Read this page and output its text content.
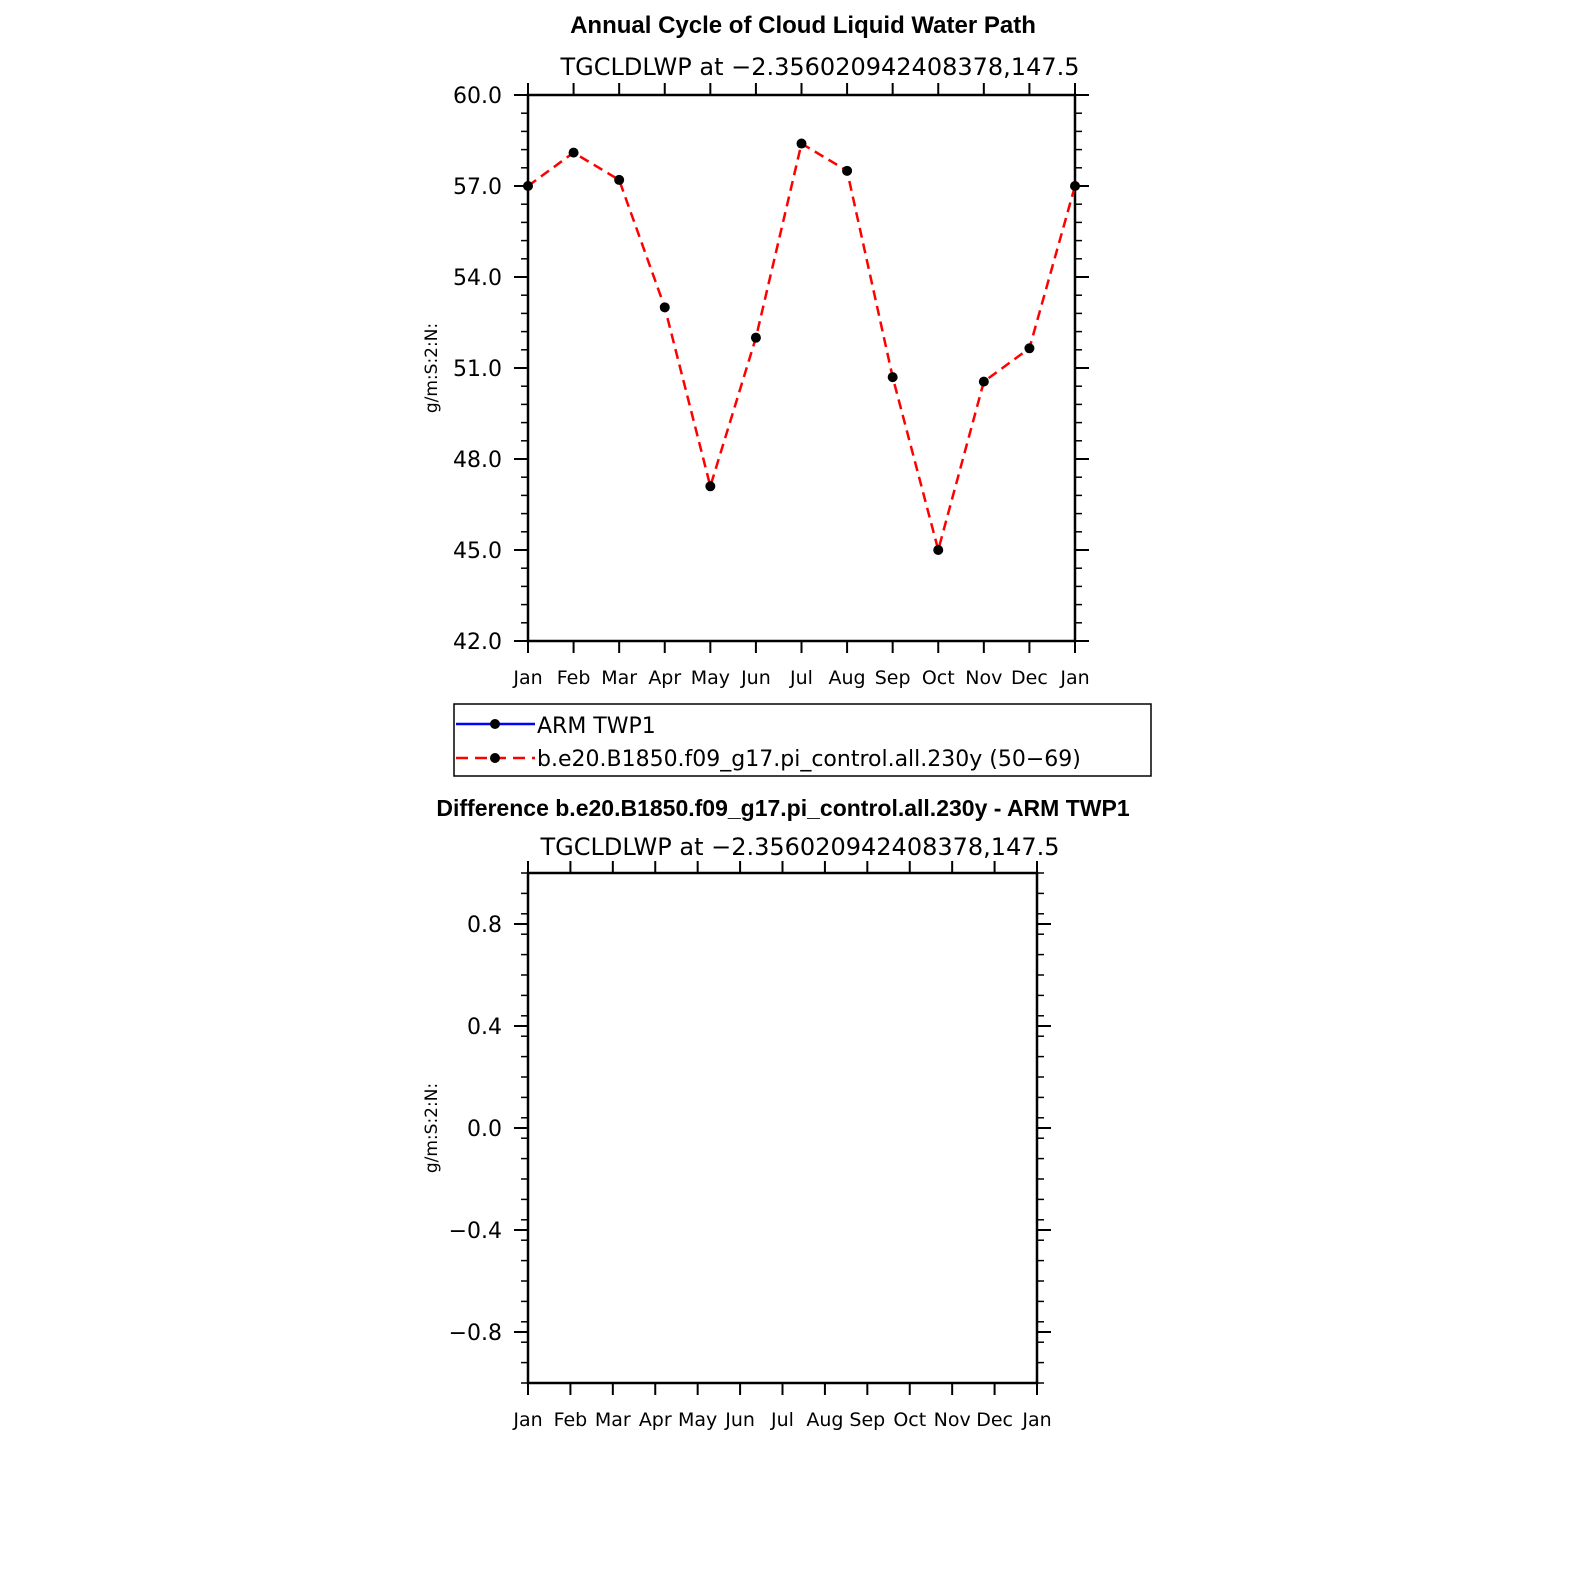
Annual Cycle of Cloud Liquid Water Path
TGCLDLWP at −2.356020942408378,147.5
g/m:S:2:N:
Jan Feb Mar Apr May Jun Jul Aug Sep Oct Nov Dec Jan
60.0
57.0
54.0
51.0
48.0
45.0
42.0
ARM TWP1
b.e20.B1850.f09_g17.pi_control.all.230y (50−69)
Difference b.e20.B1850.f09_g17.pi_control.all.230y - ARM TWP1
TGCLDLWP at −2.356020942408378,147.5
g/m:S:2:N:
Jan Feb Mar Apr May Jun Jul Aug Sep Oct Nov Dec Jan
0.8
0.4
0.0
−0.4
−0.8
